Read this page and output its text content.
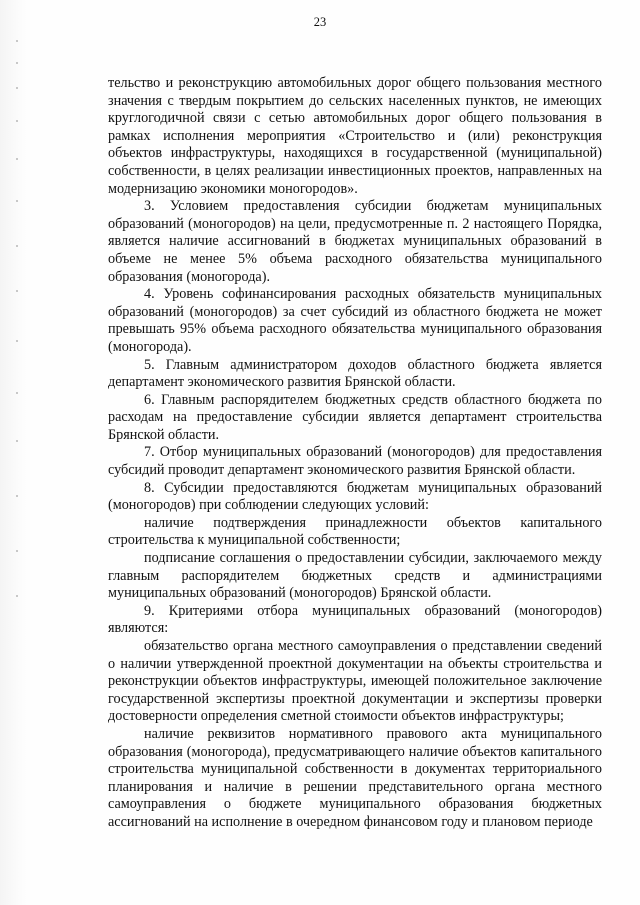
23

тельство и реконструкцию автомобильных дорог общего пользования местного значения с твердым покрытием до сельских населенных пунктов, не имеющих круглогодичной связи с сетью автомобильных дорог общего пользования в рамках исполнения мероприятия «Строительство и (или) реконструкция объектов инфраструктуры, находящихся в государственной (муниципальной) собственности, в целях реализации инвестиционных проектов, направленных на модернизацию экономики моногородов».

3. Условием предоставления субсидии бюджетам муниципальных образований (моногородов) на цели, предусмотренные п. 2 настоящего Порядка, является наличие ассигнований в бюджетах муниципальных образований в объеме не менее 5% объема расходного обязательства муниципального образования (моногорода).

4. Уровень софинансирования расходных обязательств муниципальных образований (моногородов) за счет субсидий из областного бюджета не может превышать 95% объема расходного обязательства муниципального образования (моногорода).

5. Главным администратором доходов областного бюджета является департамент экономического развития Брянской области.

6. Главным распорядителем бюджетных средств областного бюджета по расходам на предоставление субсидии является департамент строительства Брянской области.

7. Отбор муниципальных образований (моногородов) для предоставления субсидий проводит департамент экономического развития Брянской области.

8. Субсидии предоставляются бюджетам муниципальных образований (моногородов) при соблюдении следующих условий:

наличие подтверждения принадлежности объектов капитального строительства к муниципальной собственности;

подписание соглашения о предоставлении субсидии, заключаемого между главным распорядителем бюджетных средств и администрациями муниципальных образований (моногородов) Брянской области.

9. Критериями отбора муниципальных образований (моногородов) являются:

обязательство органа местного самоуправления о представлении сведений о наличии утвержденной проектной документации на объекты строительства и реконструкции объектов инфраструктуры, имеющей положительное заключение государственной экспертизы проектной документации и экспертизы проверки достоверности определения сметной стоимости объектов инфраструктуры;

наличие реквизитов нормативного правового акта муниципального образования (моногорода), предусматривающего наличие объектов капитального строительства муниципальной собственности в документах территориального планирования и наличие в решении представительного органа местного самоуправления о бюджете муниципального образования бюджетных ассигнований на исполнение в очередном финансовом году и плановом периоде
